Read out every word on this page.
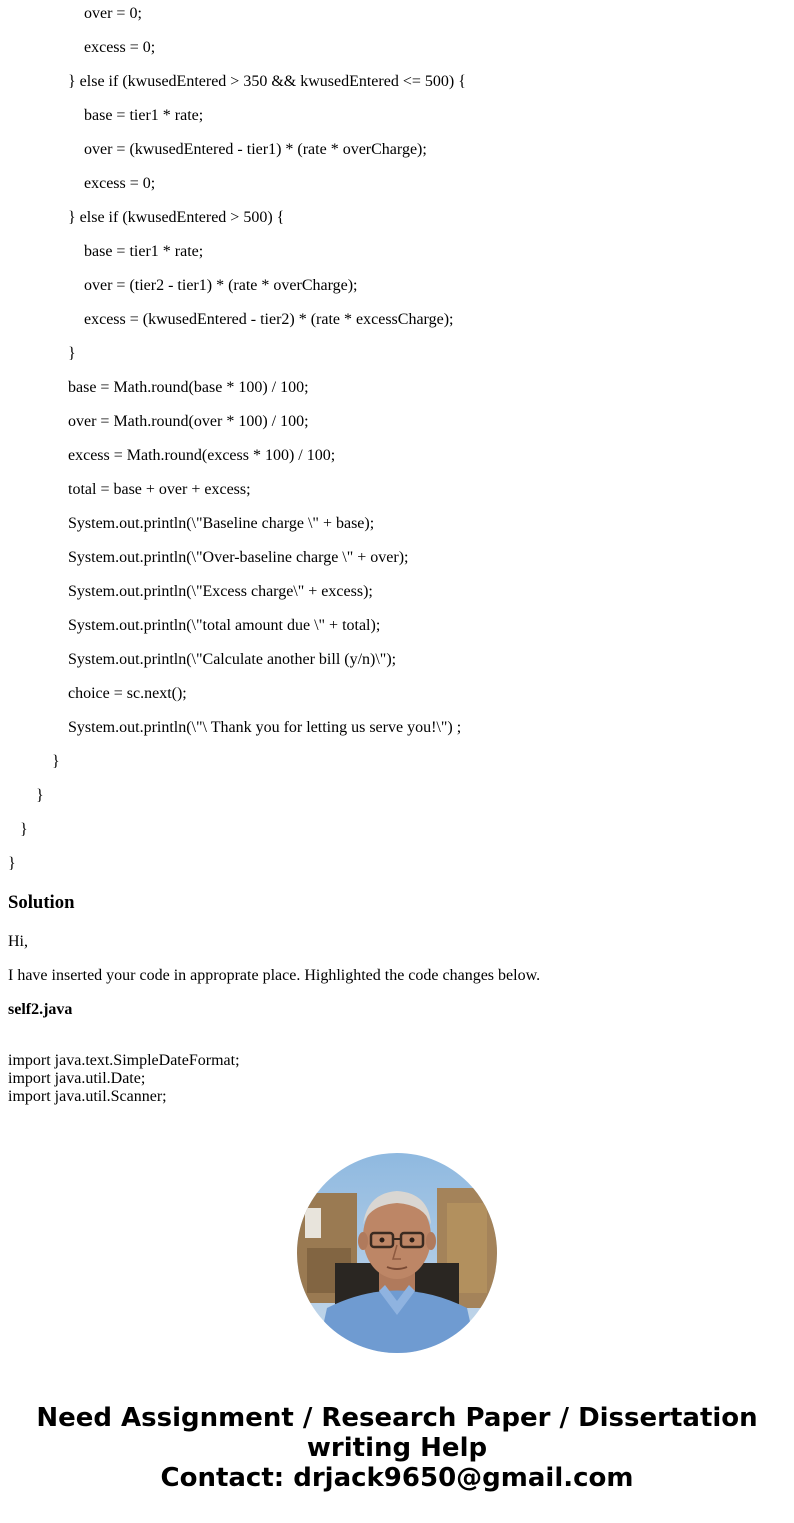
over = 0;
excess = 0;
} else if (kwusedEntered > 350 && kwusedEntered <= 500) {
base = tier1 * rate;
over = (kwusedEntered - tier1) * (rate * overCharge);
excess = 0;
} else if (kwusedEntered > 500) {
base = tier1 * rate;
over = (tier2 - tier1) * (rate * overCharge);
excess = (kwusedEntered - tier2) * (rate * excessCharge);
}
base = Math.round(base * 100) / 100;
over = Math.round(over * 100) / 100;
excess = Math.round(excess * 100) / 100;
total = base + over + excess;
System.out.println(\"Baseline charge \" + base);
System.out.println(\"Over-baseline charge \" + over);
System.out.println(\"Excess charge\" + excess);
System.out.println(\"total amount due \" + total);
System.out.println(\"Calculate another bill (y/n)\");
choice = sc.next();
System.out.println(\"\ Thank you for letting us serve you!\") ;
}
}
}
}
Solution

Hi,

I have inserted your code in approprate place. Highlighted the code changes below.

self2.java

import java.text.SimpleDateFormat;
import java.util.Date;
import java.util.Scanner;
Need Assignment / Research Paper / Dissertation
writing Help
Contact: drjack9650@gmail.com
